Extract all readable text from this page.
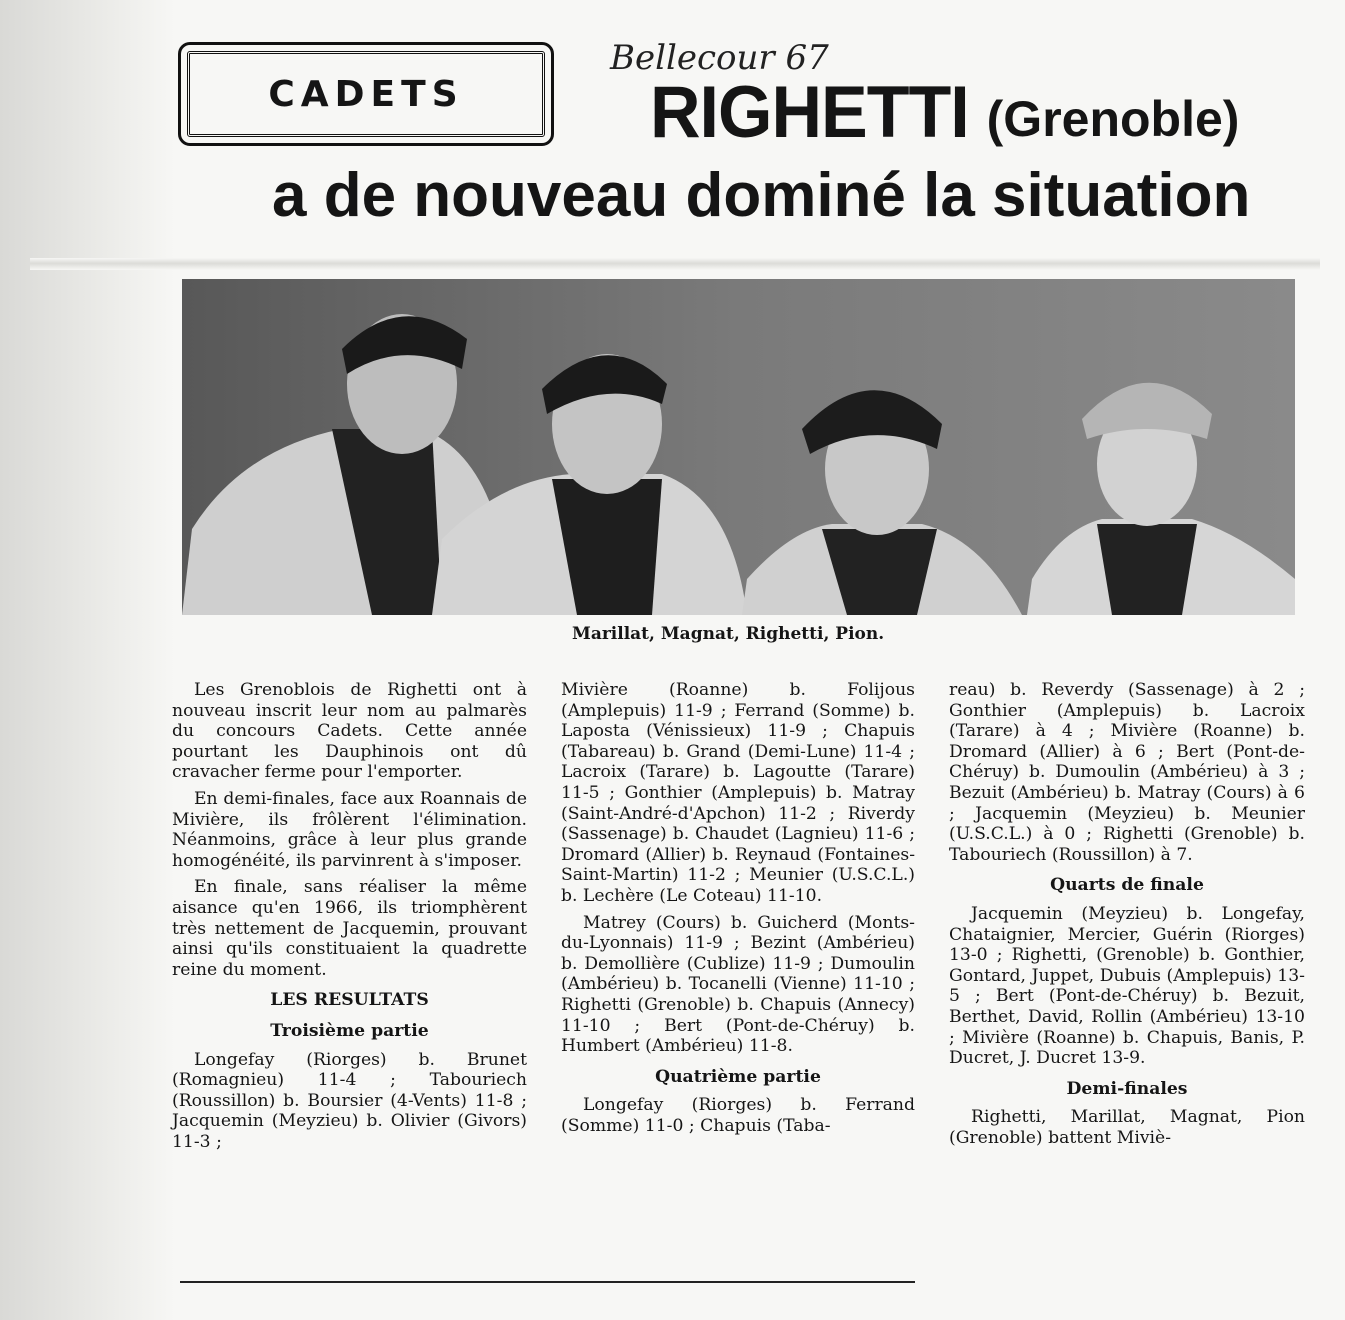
CADETS
Bellecour 67
RIGHETTI (Grenoble)
a de nouveau dominé la situation
Marillat, Magnat, Righetti, Pion.

Les Grenoblois de Righetti ont à nouveau inscrit leur nom au palmarès du concours Cadets. Cette année pourtant les Dauphinois ont dû cravacher ferme pour l'emporter.

En demi-finales, face aux Roannais de Mivière, ils frôlèrent l'élimination. Néanmoins, grâce à leur plus grande homogénéité, ils parvinrent à s'imposer.

En finale, sans réaliser la même aisance qu'en 1966, ils triomphèrent très nettement de Jacquemin, prouvant ainsi qu'ils constituaient la quadrette reine du moment.

LES RESULTATS
Troisième partie

Longefay (Riorges) b. Brunet (Romagnieu) 11-4 ; Tabouriech (Roussillon) b. Boursier (4-Vents) 11-8 ; Jacquemin (Meyzieu) b. Olivier (Givors) 11-3 ;

Mivière (Roanne) b. Folijous (Amplepuis) 11-9 ; Ferrand (Somme) b. Laposta (Vénissieux) 11-9 ; Chapuis (Tabareau) b. Grand (Demi-Lune) 11-4 ; Lacroix (Tarare) b. Lagoutte (Tarare) 11-5 ; Gonthier (Amplepuis) b. Matray (Saint-André-d'Apchon) 11-2 ; Riverdy (Sassenage) b. Chaudet (Lagnieu) 11-6 ; Dromard (Allier) b. Reynaud (Fontaines-Saint-Martin) 11-2 ; Meunier (U.S.C.L.) b. Lechère (Le Coteau) 11-10.

Matrey (Cours) b. Guicherd (Monts-du-Lyonnais) 11-9 ; Bezint (Ambérieu) b. Demollière (Cublize) 11-9 ; Dumoulin (Ambérieu) b. Tocanelli (Vienne) 11-10 ; Righetti (Grenoble) b. Chapuis (Annecy) 11-10 ; Bert (Pont-de-Chéruy) b. Humbert (Ambérieu) 11-8.

Quatrième partie

Longefay (Riorges) b. Ferrand (Somme) 11-0 ; Chapuis (Taba-

reau) b. Reverdy (Sassenage) à 2 ; Gonthier (Amplepuis) b. Lacroix (Tarare) à 4 ; Mivière (Roanne) b. Dromard (Allier) à 6 ; Bert (Pont-de-Chéruy) b. Dumoulin (Ambérieu) à 3 ; Bezuit (Ambérieu) b. Matray (Cours) à 6 ; Jacquemin (Meyzieu) b. Meunier (U.S.C.L.) à 0 ; Righetti (Grenoble) b. Tabouriech (Roussillon) à 7.

Quarts de finale

Jacquemin (Meyzieu) b. Longefay, Chataignier, Mercier, Guérin (Riorges) 13-0 ; Righetti, (Grenoble) b. Gonthier, Gontard, Juppet, Dubuis (Amplepuis) 13-5 ; Bert (Pont-de-Chéruy) b. Bezuit, Berthet, David, Rollin (Ambérieu) 13-10 ; Mivière (Roanne) b. Chapuis, Banis, P. Ducret, J. Ducret 13-9.

Demi-finales

Righetti, Marillat, Magnat, Pion (Grenoble) battent Miviè-
